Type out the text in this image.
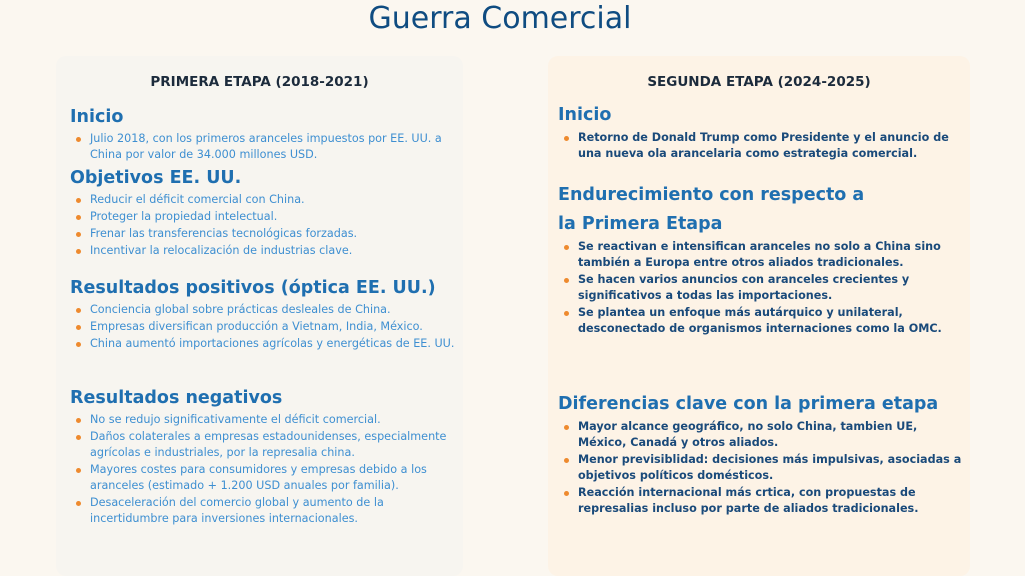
Guerra Comercial
PRIMERA ETAPA (2018-2021)
Inicio
Julio 2018, con los primeros aranceles impuestos por EE. UU. a China por valor de 34.000 millones USD.
Objetivos EE. UU.
Reducir el déficit comercial con China.
Proteger la propiedad intelectual.
Frenar las transferencias tecnológicas forzadas.
Incentivar la relocalización de industrias clave.
Resultados positivos (óptica EE. UU.)
Conciencia global sobre prácticas desleales de China.
Empresas diversifican producción a Vietnam, India, México.
China aumentó importaciones agrícolas y energéticas de EE. UU.
Resultados negativos
No se redujo significativamente el déficit comercial.
Daños colaterales a empresas estadounidenses, especialmente agrícolas e industriales, por la represalia china.
Mayores costes para consumidores y empresas debido a los aranceles (estimado + 1.200 USD anuales por familia).
Desaceleración del comercio global y aumento de la incertidumbre para inversiones internacionales.
SEGUNDA ETAPA (2024-2025)
Inicio
Retorno de Donald Trump como Presidente y el anuncio de una nueva ola arancelaria como estrategia comercial.
Endurecimiento con respecto a la Primera Etapa
Se reactivan e intensifican aranceles no solo a China sino también a Europa entre otros aliados tradicionales.
Se hacen varios anuncios con aranceles crecientes y significativos a todas las importaciones.
Se plantea un enfoque más autárquico y unilateral, desconectado de organismos internaciones como la OMC.
Diferencias clave con la primera etapa
Mayor alcance geográfico, no solo China, tambien UE, México, Canadá y otros aliados.
Menor previsiblidad: decisiones más impulsivas, asociadas a objetivos políticos domésticos.
Reacción internacional más crtica, con propuestas de represalias incluso por parte de aliados tradicionales.
